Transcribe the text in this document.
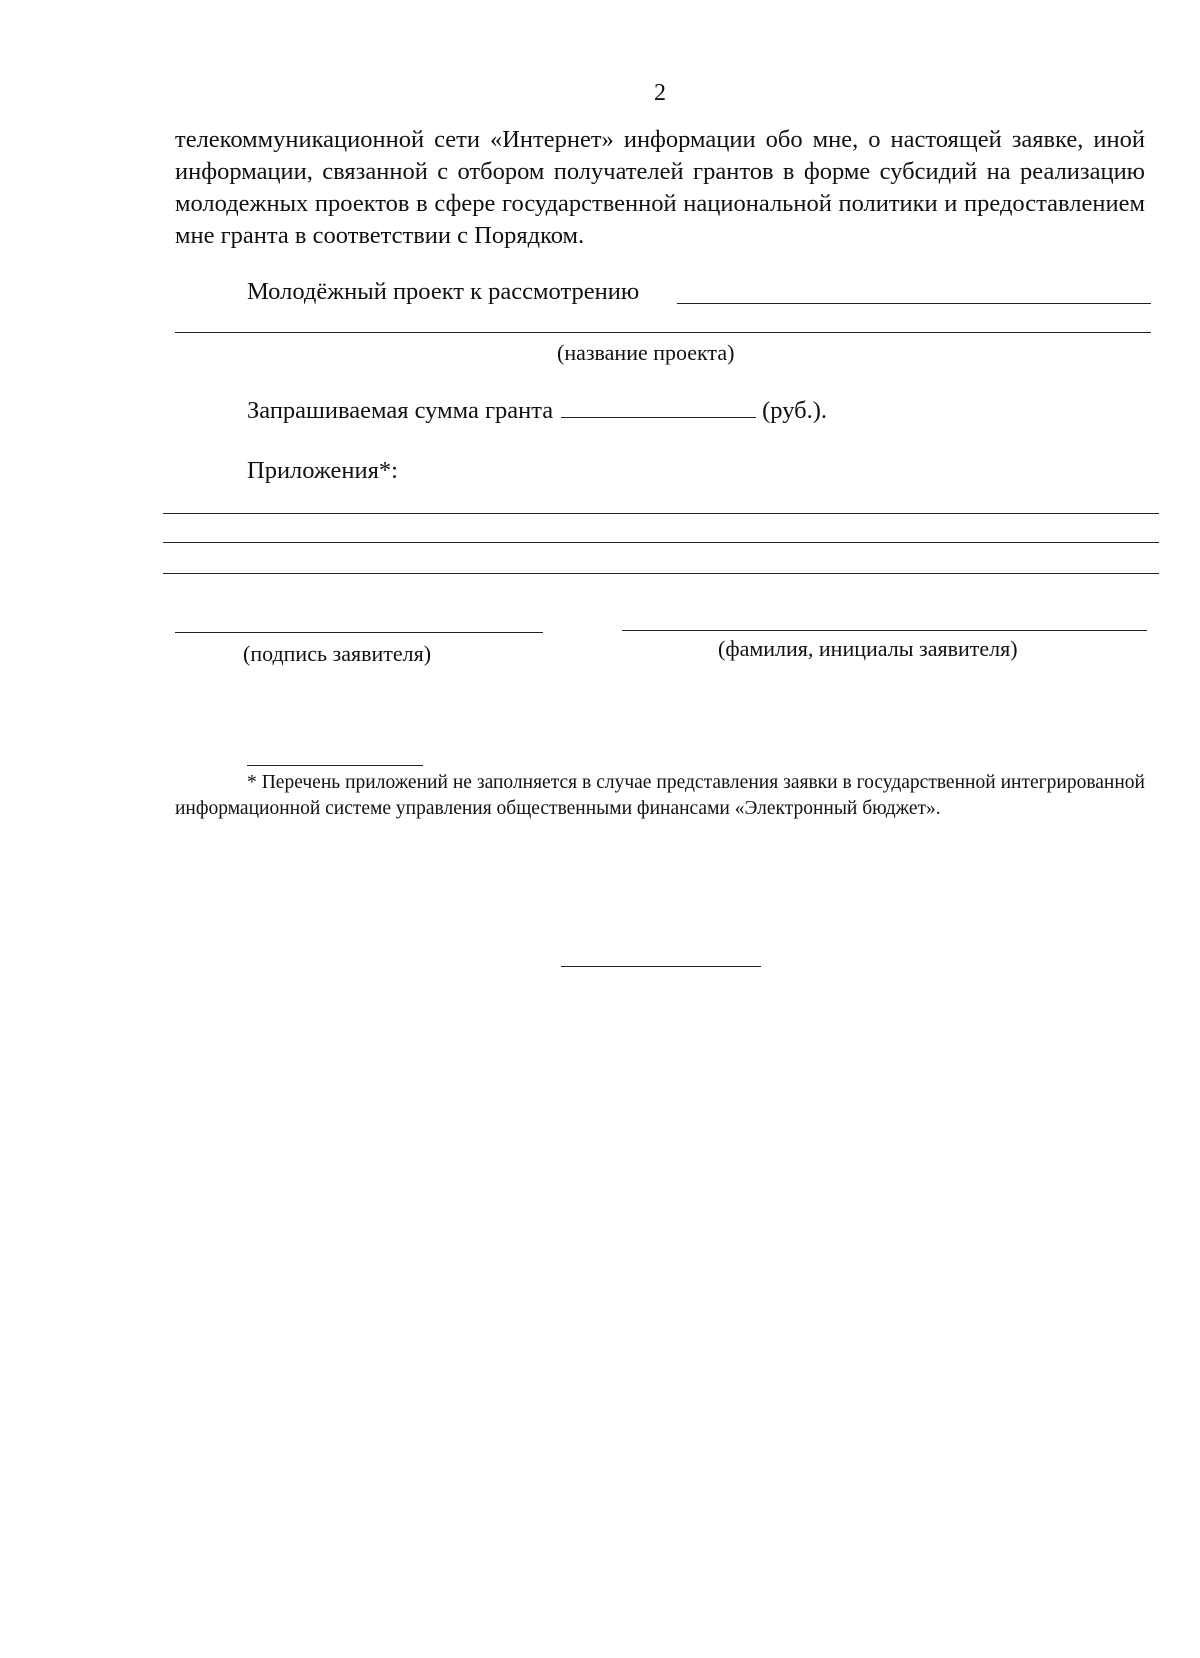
2
телекоммуникационной сети «Интернет» информации обо мне, о настоящей заявке, иной информации, связанной с отбором получателей грантов в форме субсидий на реализацию молодежных проектов в сфере государственной национальной политики и предоставлением мне гранта в соответствии с Порядком.
Молодёжный проект к рассмотрению
(название проекта)
Запрашиваемая сумма гранта	(руб.).
Приложения*:
(подпись заявителя)	(фамилия, инициалы заявителя)
* Перечень приложений не заполняется в случае представления заявки в государственной интегрированной информационной системе управления общественными финансами «Электронный бюджет».
